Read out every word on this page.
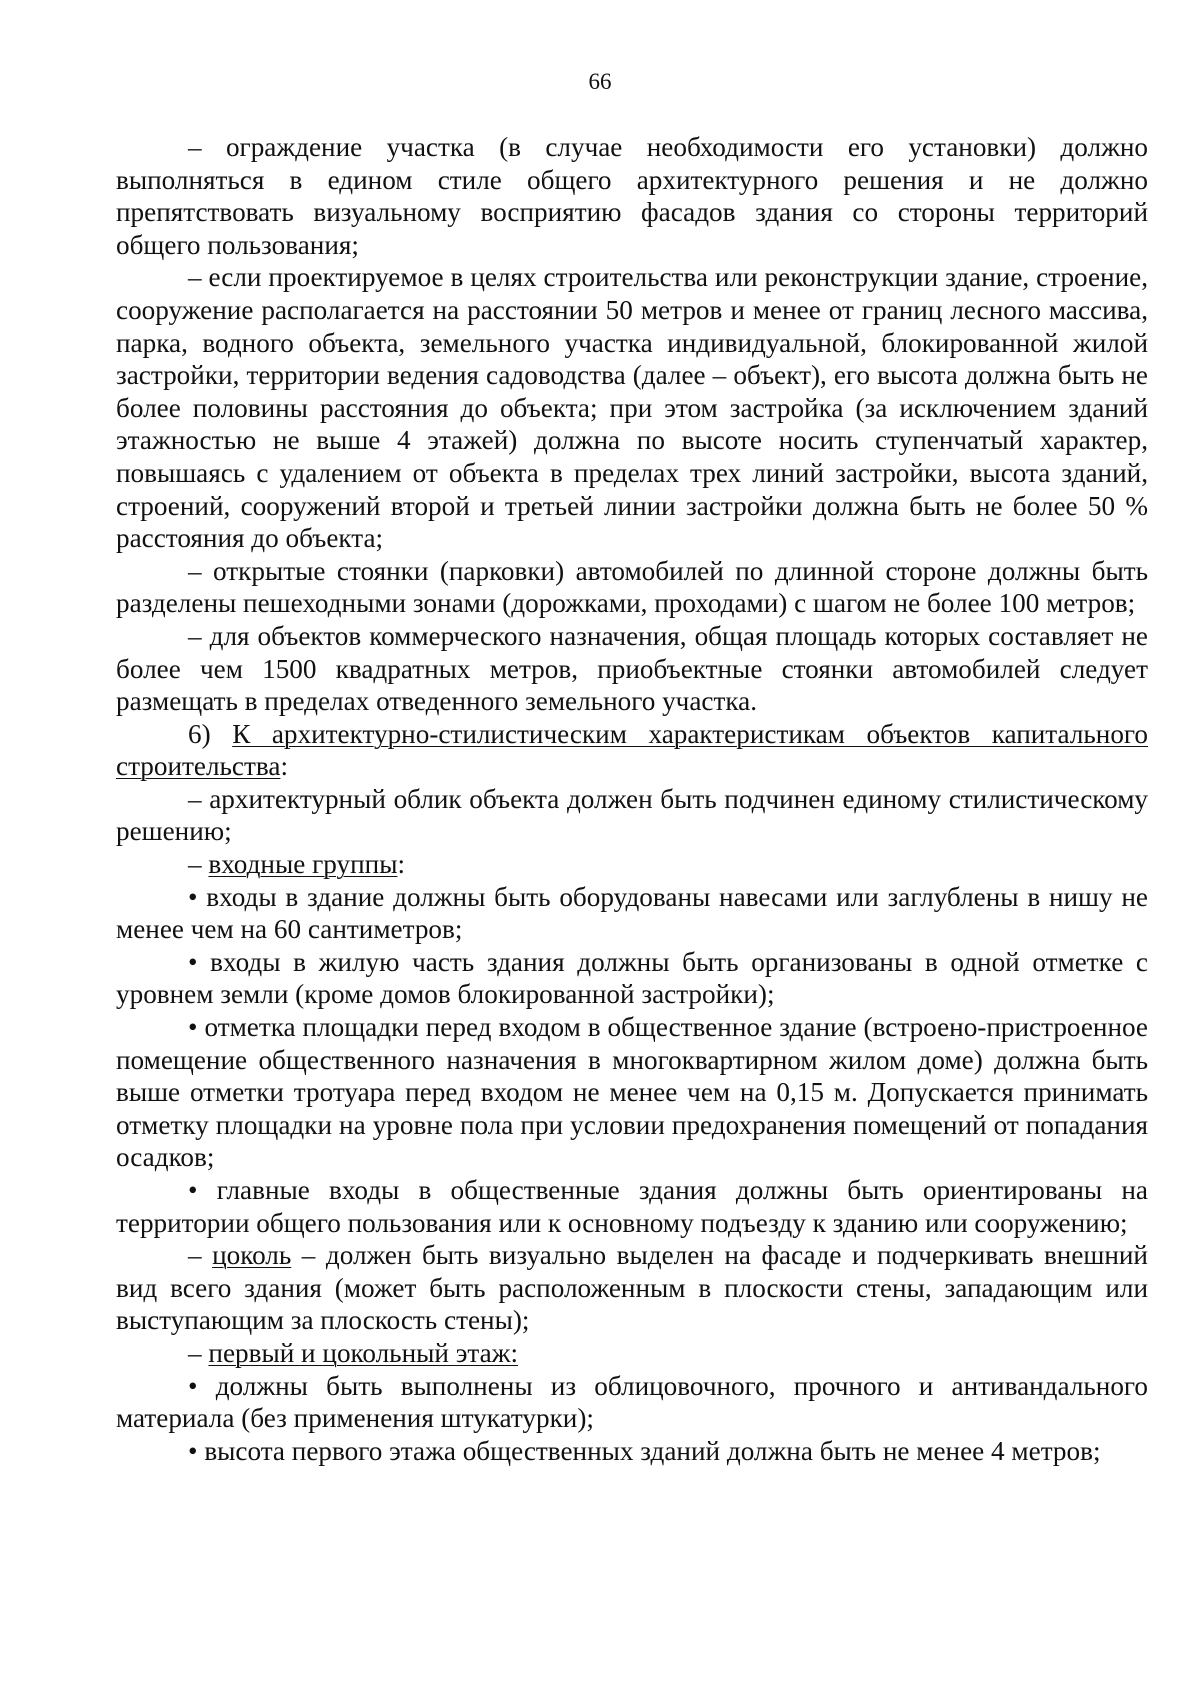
66

– ограждение участка (в случае необходимости его установки) должно выполняться в едином стиле общего архитектурного решения и не должно препятствовать визуальному восприятию фасадов здания со стороны территорий общего пользования;

– если проектируемое в целях строительства или реконструкции здание, строение, сооружение располагается на расстоянии 50 метров и менее от границ лесного массива, парка, водного объекта, земельного участка индивидуальной, блокированной жилой застройки, территории ведения садоводства (далее – объект), его высота должна быть не более половины расстояния до объекта; при этом застройка (за исключением зданий этажностью не выше 4 этажей) должна по высоте носить ступенчатый характер, повышаясь с удалением от объекта в пределах трех линий застройки, высота зданий, строений, сооружений второй и третьей линии застройки должна быть не более 50 % расстояния до объекта;

– открытые стоянки (парковки) автомобилей по длинной стороне должны быть разделены пешеходными зонами (дорожками, проходами) с шагом не более 100 метров;

– для объектов коммерческого назначения, общая площадь которых составляет не более чем 1500 квадратных метров, приобъектные стоянки автомобилей следует размещать в пределах отведенного земельного участка.

6) К архитектурно-стилистическим характеристикам объектов капитального строительства:

– архитектурный облик объекта должен быть подчинен единому стилистическому решению;

– входные группы:

• входы в здание должны быть оборудованы навесами или заглублены в нишу не менее чем на 60 сантиметров;

• входы в жилую часть здания должны быть организованы в одной отметке с уровнем земли (кроме домов блокированной застройки);

• отметка площадки перед входом в общественное здание (встроено-пристроенное помещение общественного назначения в многоквартирном жилом доме) должна быть выше отметки тротуара перед входом не менее чем на 0,15 м. Допускается принимать отметку площадки на уровне пола при условии предохранения помещений от попадания осадков;

• главные входы в общественные здания должны быть ориентированы на территории общего пользования или к основному подъезду к зданию или сооружению;

– цоколь – должен быть визуально выделен на фасаде и подчеркивать внешний вид всего здания (может быть расположенным в плоскости стены, западающим или выступающим за плоскость стены);

– первый и цокольный этаж:

• должны быть выполнены из облицовочного, прочного и антивандального материала (без применения штукатурки);

• высота первого этажа общественных зданий должна быть не менее 4 метров;
